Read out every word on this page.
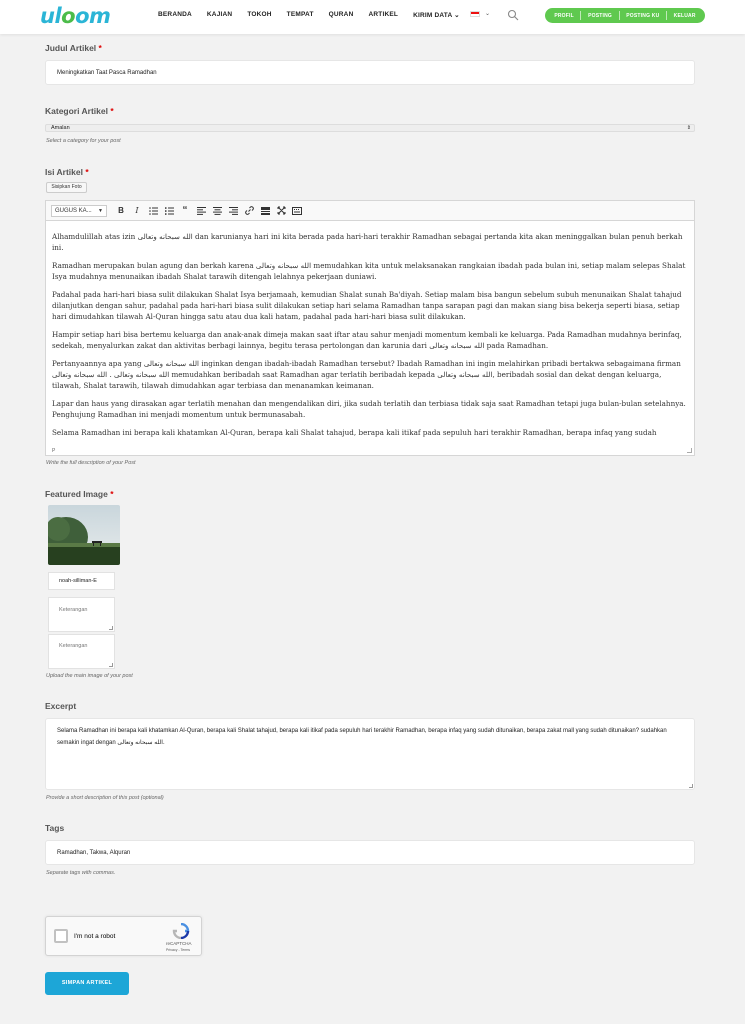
uloom	BERANDA KAJIAN TOKOH TEMPAT QURAN ARTIKEL KIRIM DATA ⌄	⌄	PROFIL	POSTING	POSTING KU	KELUAR
Judul Artikel *
Meningkatkan Taat Pasca Ramadhan
Kategori Artikel *
Amalan	⇕
Select a category for your post
Isi Artikel *
Sisipkan Foto
GUGUS KA... ▼	B	I	“

Alhamdulillah atas izin الله سبحانه وتعالى dan karunianya hari ini kita berada pada hari-hari terakhir Ramadhan sebagai pertanda kita akan meninggalkan bulan penuh berkah ini.

Ramadhan merupakan bulan agung dan berkah karena الله سبحانه وتعالى memudahkan kita untuk melaksanakan rangkaian ibadah pada bulan ini, setiap malam selepas Shalat Isya mudahnya menunaikan ibadah Shalat tarawih ditengah lelahnya pekerjaan duniawi.

Padahal pada hari-hari biasa sulit dilakukan Shalat Isya berjamaah, kemudian Shalat sunah Ba'diyah. Setiap malam bisa bangun sebelum subuh menunaikan Shalat tahajud dilanjutkan dengan sahur, padahal pada hari-hari biasa sulit dilakukan setiap hari selama Ramadhan tanpa sarapan pagi dan makan siang bisa bekerja seperti biasa, setiap hari dimudahkan tilawah Al-Quran hingga satu atau dua kali hatam, padahal pada hari-hari biasa sulit dilakukan.

Hampir setiap hari bisa bertemu keluarga dan anak-anak dimeja makan saat iftar atau sahur menjadi momentum kembali ke keluarga. Pada Ramadhan mudahnya berinfaq, sedekah, menyalurkan zakat dan aktivitas berbagi lainnya, begitu terasa pertolongan dan karunia dari الله سبحانه وتعالى pada Ramadhan.

Pertanyaannya apa yang الله سبحانه وتعالى inginkan dengan ibadah-ibadah Ramadhan tersebut? Ibadah Ramadhan ini ingin melahirkan pribadi bertakwa sebagaimana firman الله سبحانه وتعالى . الله سبحانه وتعالى memudahkan beribadah saat Ramadhan agar terlatih beribadah kepada الله سبحانه وتعالى, beribadah sosial dan dekat dengan keluarga, tilawah, Shalat tarawih, tilawah dimudahkan agar terbiasa dan menanamkan keimanan.

Lapar dan haus yang dirasakan agar terlatih menahan dan mengendalikan diri, jika sudah terlatih dan terbiasa tidak saja saat Ramadhan tetapi juga bulan-bulan setelahnya. Penghujung Ramadhan ini menjadi momentum untuk bermunasabah.

Selama Ramadhan ini berapa kali khatamkan Al-Quran, berapa kali Shalat tahajud, berapa kali itikaf pada sepuluh hari terakhir Ramadhan, berapa infaq yang sudah

P
Write the full description of your Post
Featured Image *
noah-silliman-E
Keterangan
Keterangan
Upload the main image of your post
Excerpt
Selama Ramadhan ini berapa kali khatamkan Al-Quran, berapa kali Shalat tahajud, berapa kali itikaf pada sepuluh hari terakhir Ramadhan, berapa infaq yang sudah ditunaikan, berapa zakat mall yang sudah ditunaikan? sudahkan semakin ingat dengan الله سبحانه وتعالى.
Provide a short description of this post (optional)
Tags
Ramadhan, Takwa, Alquran
Separate tags with commas.
I'm not a robot
reCAPTCHA
Privacy - Terms
SIMPAN ARTIKEL
